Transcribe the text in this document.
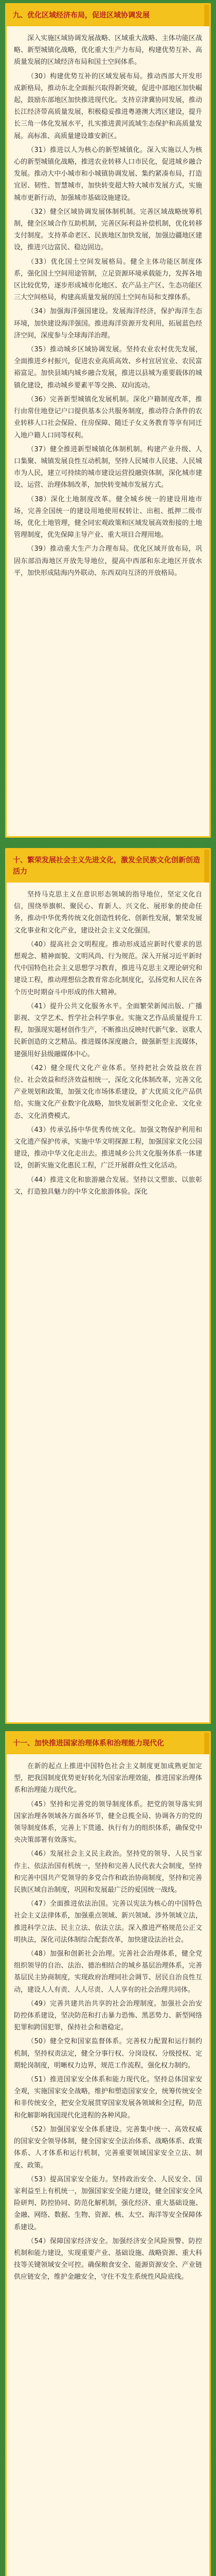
九、优化区域经济布局，促进区域协调发展

深入实施区域协调发展战略、区域重大战略、主体功能区战略、新型城镇化战略，优化重大生产力布局，构建优势互补、高质量发展的区域经济布局和国土空间体系。

（30）构建优势互补的区域发展布局。推动西部大开发形成新格局，推动东北全面振兴取得新突破，促进中部地区加快崛起，鼓励东部地区加快推进现代化。支持京津冀协同发展，推动长江经济带高质量发展，积极稳妥推进粤港澳大湾区建设，提升长三角一体化发展水平，扎实推进黄河流域生态保护和高质量发展。高标准、高质量建设雄安新区。

（31）推进以人为核心的新型城镇化。深入实施以人为核心的新型城镇化战略，推进农业转移人口市民化，促进城乡融合发展。推动大中小城市和小城镇协调发展、集约紧凑布局，打造宜居、韧性、智慧城市，加快转变超大特大城市发展方式，实施城市更新行动，加强城市基础设施建设。

（32）健全区域协调发展体制机制。完善区域战略统筹机制，健全区域合作互助机制，完善区际利益补偿机制，优化转移支付制度。支持革命老区、民族地区加快发展，加强边疆地区建设，推进兴边富民、稳边固边。

（33）优化国土空间发展格局。健全主体功能区制度体系，强化国土空间用途管制，立足资源环境承载能力，发挥各地区比较优势，逐步形成城市化地区、农产品主产区、生态功能区三大空间格局，构建高质量发展的国土空间布局和支撑体系。

（34）加强海洋强国建设。发展海洋经济，保护海洋生态环境，加快建设海洋强国。推进海洋资源开发利用，拓展蓝色经济空间，深度参与全球海洋治理。

（35）推动城乡区域协调发展。坚持农业农村优先发展，全面推进乡村振兴，促进农业高质高效、乡村宜居宜业、农民富裕富足。加快县域内城乡融合发展，推进以县城为重要载体的城镇化建设，推动城乡要素平等交换、双向流动。

（36）完善新型城镇化发展机制。深化户籍制度改革，推行由常住地登记户口提供基本公共服务制度，推动符合条件的农业转移人口社会保险、住房保障、随迁子女义务教育等享有同迁入地户籍人口同等权利。

（37）健全推进新型城镇化体制机制。构建产业升级、人口集聚、城镇发展良性互动机制，坚持人民城市人民建、人民城市为人民，建立可持续的城市建设运营投融资体制，深化城市建设、运营、治理体制改革，加快转变城市发展方式。

（38）深化土地制度改革。健全城乡统一的建设用地市场，完善全国统一的建设用地使用权转让、出租、抵押二级市场，优化土地管理，健全同宏观政策和区域发展高效衔接的土地管理制度，优先保障主导产业、重大项目合理用地。

（39）推动重大生产力合理布局。优化区域开放布局，巩固东部沿海地区开放先导地位，提高中西部和东北地区开放水平，加快形成陆海内外联动、东西双向互济的开放格局。

十、繁荣发展社会主义先进文化，激发全民族文化创新创造活力

坚持马克思主义在意识形态领域的指导地位，坚定文化自信，围绕举旗帜、聚民心、育新人、兴文化、展形象的使命任务，推动中华优秀传统文化创造性转化、创新性发展，繁荣发展文化事业和文化产业，建设社会主义文化强国。

（40）提高社会文明程度。推动形成适应新时代要求的思想观念、精神面貌、文明风尚、行为规范。深入开展习近平新时代中国特色社会主义思想学习教育，推进马克思主义理论研究和建设工程，推动理想信念教育常态化制度化，弘扬党和人民在各个历史时期奋斗中形成的伟大精神。

（41）提升公共文化服务水平。全面繁荣新闻出版、广播影视、文学艺术、哲学社会科学事业。实施文艺作品质量提升工程，加强现实题材创作生产，不断推出反映时代新气象、讴歌人民新创造的文艺精品。推进媒体深度融合，做强新型主流媒体，建强用好县级融媒体中心。

（42）健全现代文化产业体系。坚持把社会效益放在首位、社会效益和经济效益相统一，深化文化体制改革，完善文化产业规划和政策，加强文化市场体系建设，扩大优质文化产品供给。实施文化产业数字化战略，加快发展新型文化企业、文化业态、文化消费模式。

（43）传承弘扬中华优秀传统文化。加强文物保护利用和文化遗产保护传承，实施中华文明探源工程，加强国家文化公园建设，推动中华文化走出去。推进城乡公共文化服务体系一体建设，创新实施文化惠民工程，广泛开展群众性文化活动。

（44）推进文化和旅游融合发展。坚持以文塑旅、以旅彰文，打造独具魅力的中华文化旅游体验。深化

十一、加快推进国家治理体系和治理能力现代化

在新的起点上推进中国特色社会主义制度更加成熟更加定型，把我国制度优势更好转化为国家治理效能，推进国家治理体系和治理能力现代化。

（45）坚持和完善党的领导制度体系。把党的领导落实到国家治理各领域各方面各环节，健全总揽全局、协调各方的党的领导制度体系，完善上下贯通、执行有力的组织体系，确保党中央决策部署有效落实。

（46）发展社会主义民主政治。坚持党的领导、人民当家作主、依法治国有机统一，坚持和完善人民代表大会制度，坚持和完善中国共产党领导的多党合作和政治协商制度，坚持和完善民族区域自治制度，巩固和发展最广泛的爱国统一战线。

（47）全面推进依法治国。完善以宪法为核心的中国特色社会主义法律体系，加强重点领域、新兴领域、涉外领域立法，推进科学立法、民主立法、依法立法。深入推进严格规范公正文明执法，深化司法体制综合配套改革，加快建设法治社会。

（48）加强和创新社会治理。完善社会治理体系，健全党组织领导的自治、法治、德治相结合的城乡基层治理体系，完善基层民主协商制度，实现政府治理同社会调节、居民自治良性互动，建设人人有责、人人尽责、人人享有的社会治理共同体。

（49）完善共建共治共享的社会治理制度。加强社会治安防控体系建设，坚决防范和打击暴力恐怖、黑恶势力、新型网络犯罪和跨国犯罪，保持社会和谐稳定。

（50）健全党和国家监督体系。完善权力配置和运行制约机制，坚持权责法定，健全分事行权、分岗设权、分级授权、定期轮岗制度，明晰权力边界，规范工作流程，强化权力制约。

（51）推进国家安全体系和能力现代化。坚持总体国家安全观，实施国家安全战略，维护和塑造国家安全，统筹传统安全和非传统安全，把安全发展贯穿国家发展各领域和全过程，防范和化解影响我国现代化进程的各种风险。

（52）加强国家安全体系建设。完善集中统一、高效权威的国家安全领导体制，健全国家安全法治体系、战略体系、政策体系、人才体系和运行机制，完善重要领域国家安全立法、制度、政策。

（53）提高国家安全能力。坚持政治安全、人民安全、国家利益至上有机统一，加强国家安全能力建设，健全国家安全风险研判、防控协同、防范化解机制，强化经济、重大基础设施、金融、网络、数据、生物、资源、核、太空、海洋等安全保障体系建设。

（54）保障国家经济安全。加强经济安全风险预警、防控机制和能力建设，实现重要产业、基础设施、战略资源、重大科技等关键领域安全可控。确保粮食安全、能源资源安全、产业链供应链安全，维护金融安全，守住不发生系统性风险底线。
